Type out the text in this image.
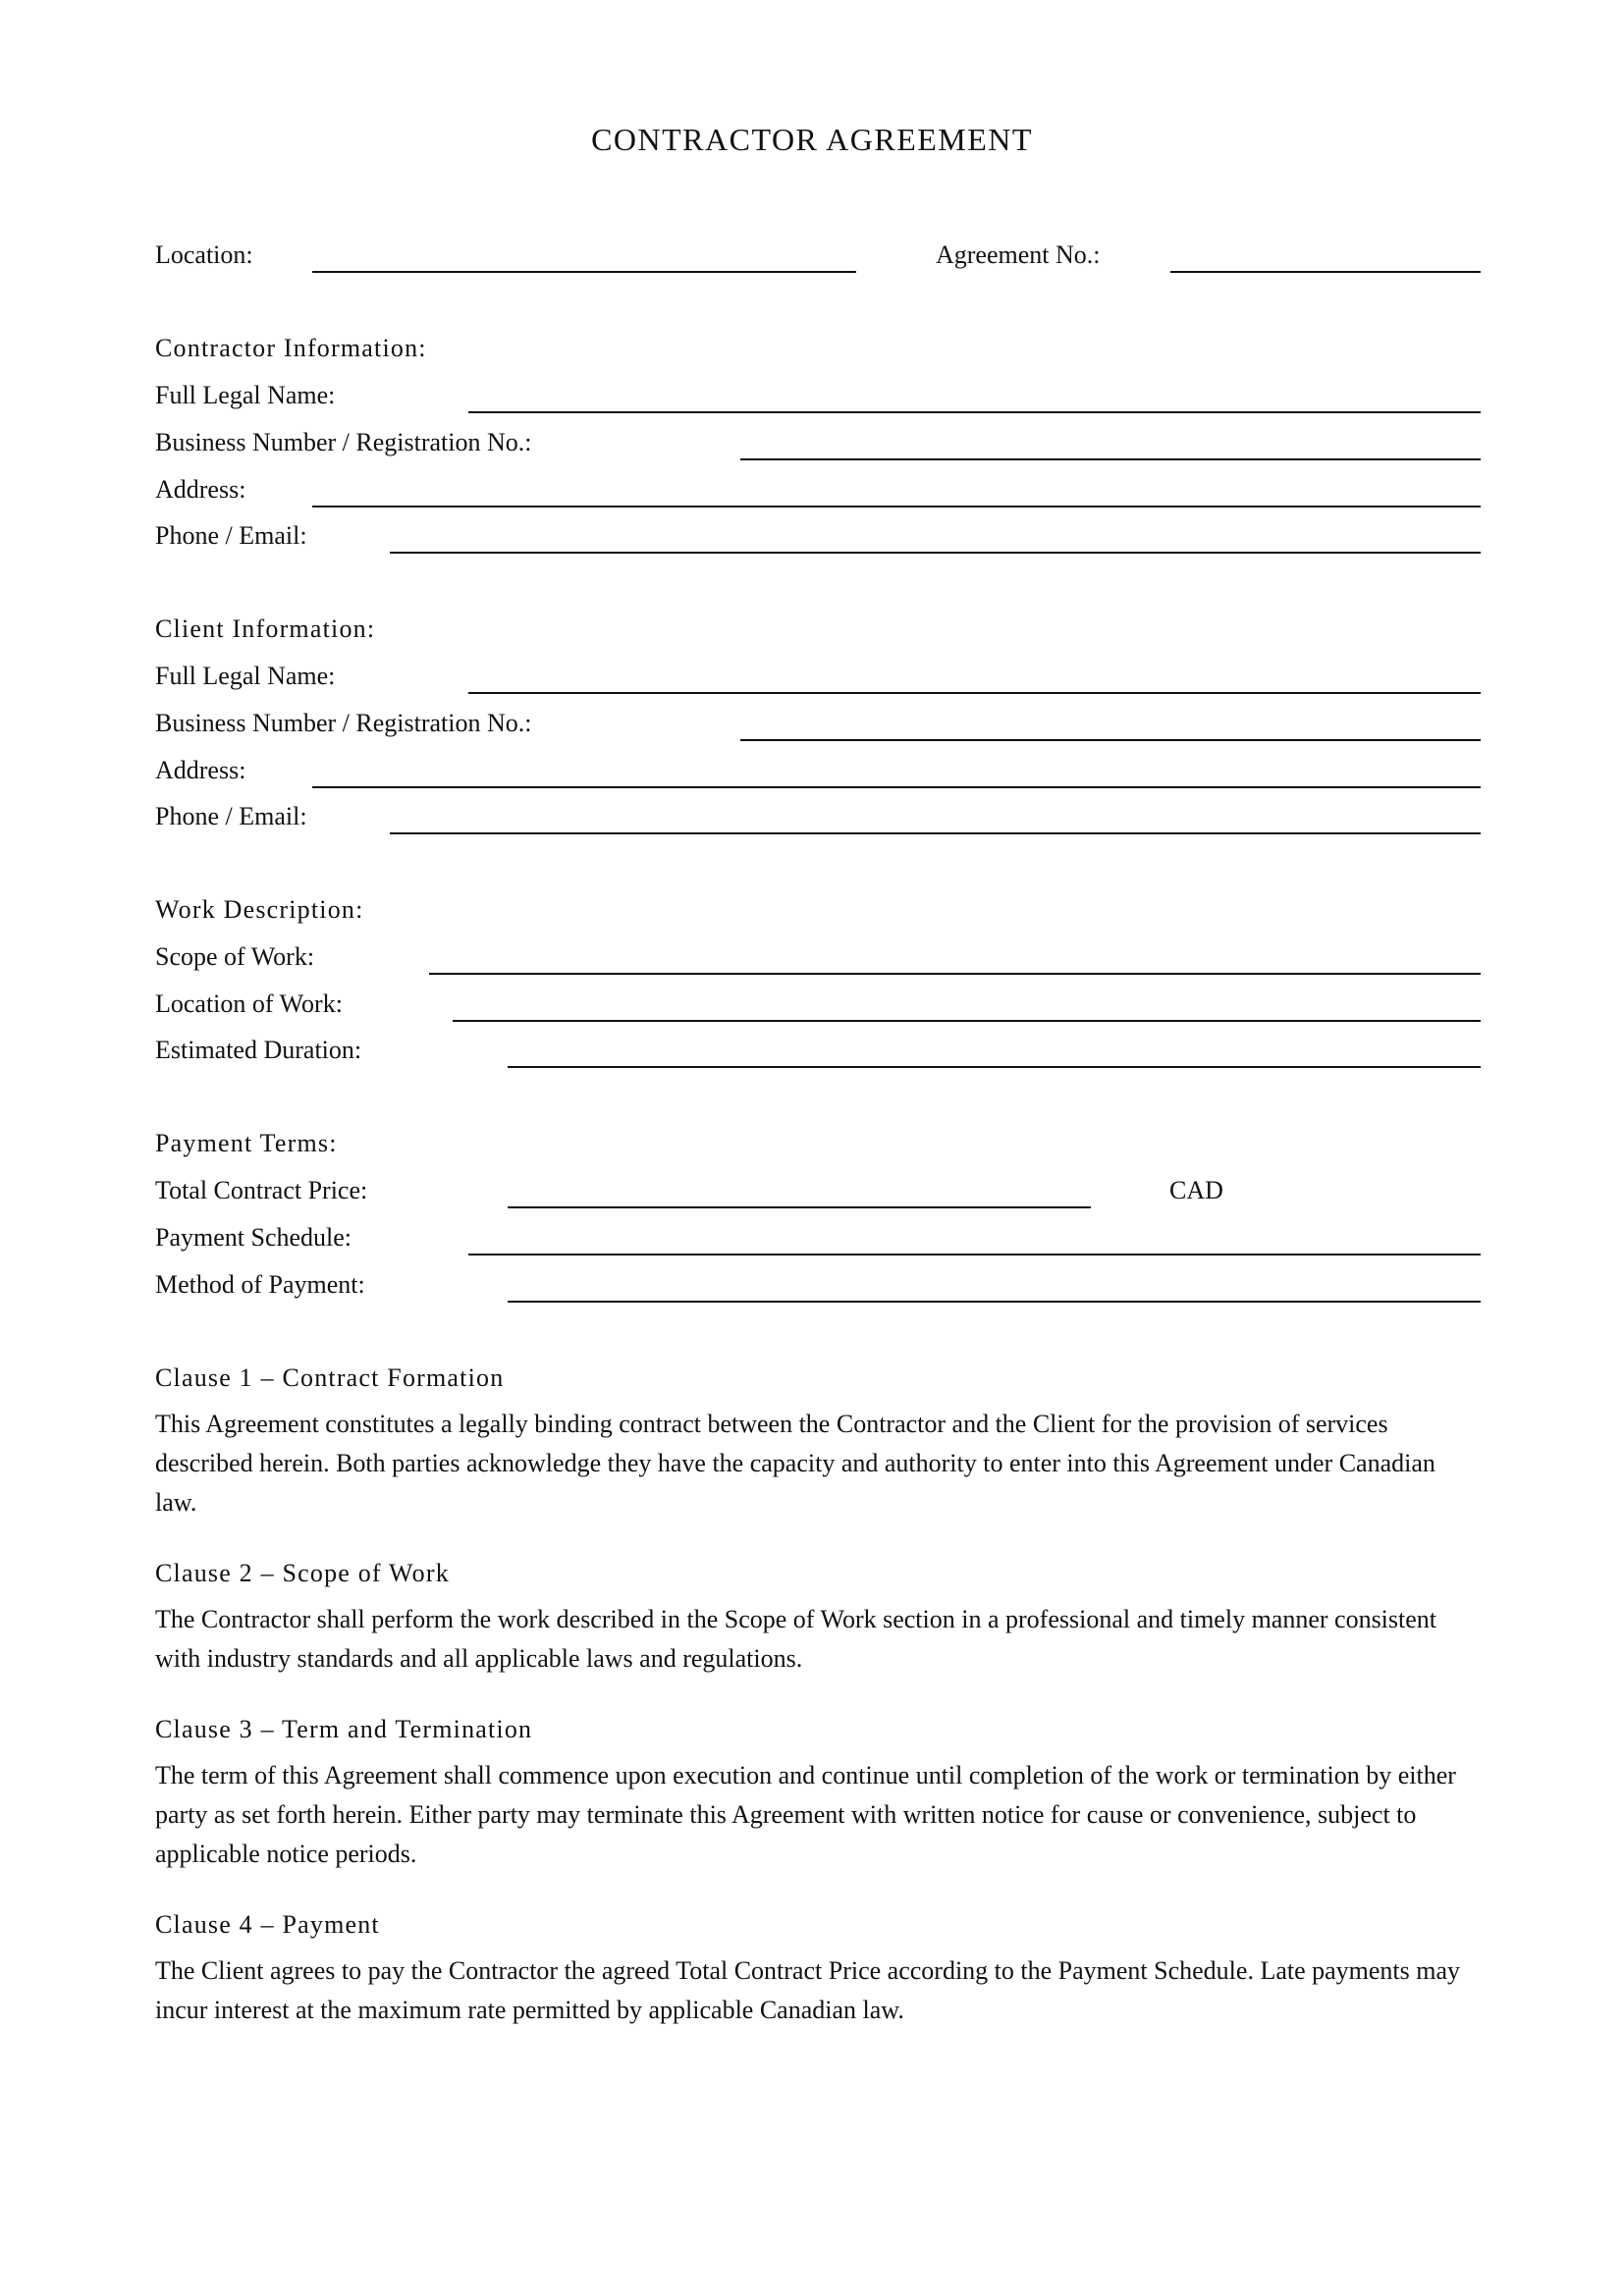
CONTRACTOR AGREEMENT
Location:	Agreement No.:
Contractor Information:
Full Legal Name:
Business Number / Registration No.:
Address:
Phone / Email:
Client Information:
Full Legal Name:
Business Number / Registration No.:
Address:
Phone / Email:
Work Description:
Scope of Work:
Location of Work:
Estimated Duration:
Payment Terms:
Total Contract Price:	CAD
Payment Schedule:
Method of Payment:
Clause 1 – Contract Formation
This Agreement constitutes a legally binding contract between the Contractor and the Client for the provision of services described herein. Both parties acknowledge they have the capacity and authority to enter into this Agreement under Canadian law.
Clause 2 – Scope of Work
The Contractor shall perform the work described in the Scope of Work section in a professional and timely manner consistent with industry standards and all applicable laws and regulations.
Clause 3 – Term and Termination
The term of this Agreement shall commence upon execution and continue until completion of the work or termination by either party as set forth herein. Either party may terminate this Agreement with written notice for cause or convenience, subject to applicable notice periods.
Clause 4 – Payment
The Client agrees to pay the Contractor the agreed Total Contract Price according to the Payment Schedule. Late payments may incur interest at the maximum rate permitted by applicable Canadian law.
